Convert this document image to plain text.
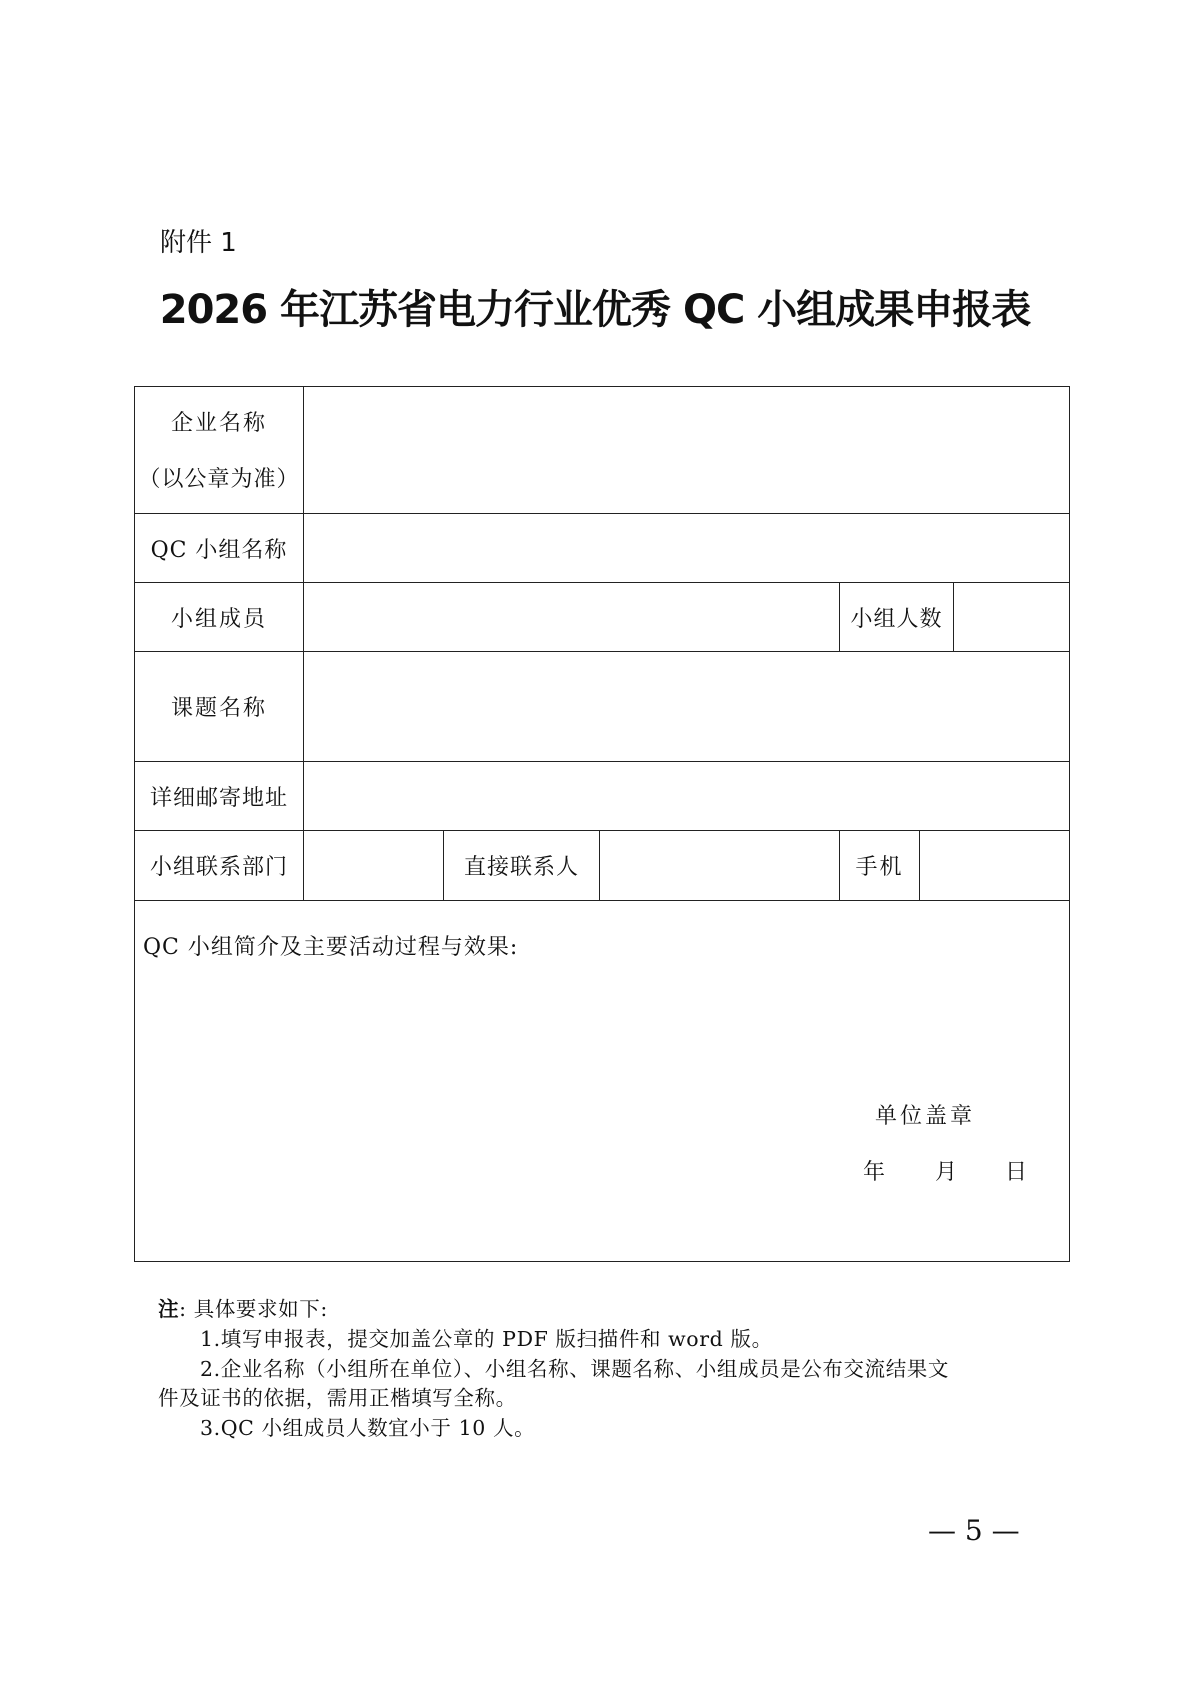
附件 1
2026 年江苏省电力行业优秀 QC 小组成果申报表
企业名称
（以公章为准）
QC 小组名称
小组成员	小组人数
课题名称
详细邮寄地址
小组联系部门	直接联系人	手机
QC 小组简介及主要活动过程与效果:
单位盖章
年 月 日
注: 具体要求如下:
1.填写申报表，提交加盖公章的 PDF 版扫描件和 word 版。
2.企业名称（小组所在单位）、小组名称、课题名称、小组成员是公布交流结果文
件及证书的依据，需用正楷填写全称。
3.QC 小组成员人数宜小于 10 人。
— 5 —
